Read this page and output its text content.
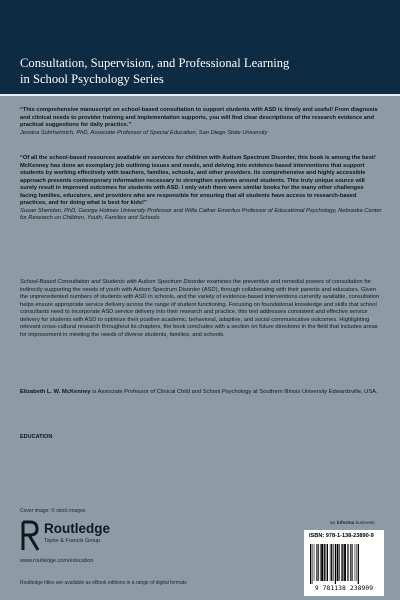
Consultation, Supervision, and Professional Learning
in School Psychology Series

“This comprehensive manuscript on school-based consultation to support students with ASD is timely and useful! From diagnosis and clinical needs to provider training and implementation supports, you will find clear descriptions of the research evidence and practical suggestions for daily practice.”

Jessica Suhrheinrich, PhD, Associate Professor of Special Education, San Diego State University

“Of all the school-based resources available on services for children with Autism Spectrum Disorder, this book is among the best! McKenney has done an exemplary job outlining issues and needs, and delving into evidence-based interventions that support students by working effectively with teachers, families, schools, and other providers. Its comprehensive and highly accessible approach presents contemporary information necessary to strengthen systems around students. This truly unique source will surely result in improved outcomes for students with ASD. I only wish there were similar books for the many other challenges facing families, educators, and providers who are responsible for ensuring that all students have access to research-based practices, and for doing what is best for kids!”

Susan Sheridan, PhD, George Holmes University Professor and Willa Cather Emeritus Professor of Educational Psychology, Nebraska Center for Research on Children, Youth, Families and Schools

School-Based Consultation and Students with Autism Spectrum Disorder examines the preventive and remedial powers of consultation for indirectly supporting the needs of youth with Autism Spectrum Disorder (ASD), through collaborating with their parents and educators. Given the unprecedented numbers of students with ASD in schools, and the variety of evidence-based interventions currently available, consultation helps ensure appropriate service delivery across the range of student functioning. Focusing on foundational knowledge and skills that school consultants need to incorporate ASD service delivery into their research and practice, this text addresses consistent and effective service delivery for students with ASD to optimize their positive academic, behavioral, adaptive, and social communicative outcomes. Highlighting relevant cross-cultural research throughout its chapters, the book concludes with a section on future directions in the field that includes areas for improvement in meeting the needs of diverse students, families, and schools.

Elizabeth L. W. McKenney is Associate Professor of Clinical Child and School Psychology at Southern Illinois University Edwardsville, USA.

EDUCATION

Cover image: © stock images
Routledge
Taylor & Francis Group
www.routledge.com/education
Routledge titles are available as eBook editions in a range of digital formats
an informa business
ISBN: 978-1-138-23890-9
9 781138 238909
